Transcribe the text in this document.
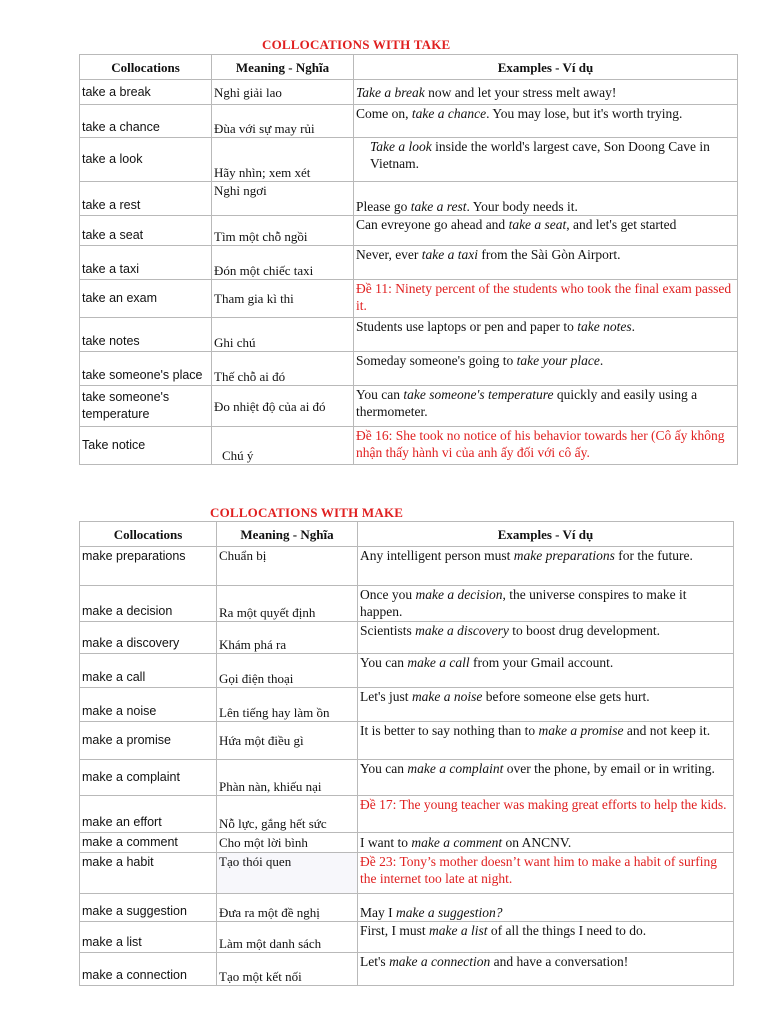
COLLOCATIONS WITH TAKE
Collocations	Meaning - Nghĩa	Examples - Ví dụ
take a break	Nghỉ giải lao	Take a break now and let your stress melt away!
take a chance	Đùa với sự may rủi	Come on, take a chance. You may lose, but it's worth trying.
take a look	Hãy nhìn; xem xét	Take a look inside the world's largest cave, Son Doong Cave in Vietnam.
take a rest	Nghỉ ngơi	Please go take a rest. Your body needs it.
take a seat	Tìm một chỗ ngồi	Can evreyone go ahead and take a seat, and let's get started
take a taxi	Đón một chiếc taxi	Never, ever take a taxi from the Sài Gòn Airport.
take an exam	Tham gia kì thi	Đề 11: Ninety percent of the students who took the final exam passed it.
take notes	Ghi chú	Students use laptops or pen and paper to take notes.
take someone's place	Thế chỗ ai đó	Someday someone's going to take your place.
take someone's temperature	Đo nhiệt độ của ai đó	You can take someone's temperature quickly and easily using a thermometer.
Take notice	Chú ý	Đề 16: She took no notice of his behavior towards her (Cô ấy không nhận thấy hành vi của anh ấy đối với cô ấy.
COLLOCATIONS WITH MAKE
Collocations	Meaning - Nghĩa	Examples - Ví dụ
make preparations	Chuẩn bị	Any intelligent person must make preparations for the future.
make a decision	Ra một quyết định	Once you make a decision, the universe conspires to make it happen.
make a discovery	Khám phá ra	Scientists make a discovery to boost drug development.
make a call	Gọi điện thoại	You can make a call from your Gmail account.
make a noise	Lên tiếng hay làm ồn	Let's just make a noise before someone else gets hurt.
make a promise	Hứa một điều gì	It is better to say nothing than to make a promise and not keep it.
make a complaint	Phàn nàn, khiếu nại	You can make a complaint over the phone, by email or in writing.
make an effort	Nỗ lực, gắng hết sức	Đề 17: The young teacher was making great efforts to help the kids.
make a comment	Cho một lời bình	I want to make a comment on ANCNV.
make a habit	Tạo thói quen	Đề 23: Tony’s mother doesn’t want him to make a habit of surfing the internet too late at night.
make a suggestion	Đưa ra một đề nghị	May I make a suggestion?
make a list	Làm một danh sách	First, I must make a list of all the things I need to do.
make a connection	Tạo một kết nối	Let's make a connection and have a conversation!
